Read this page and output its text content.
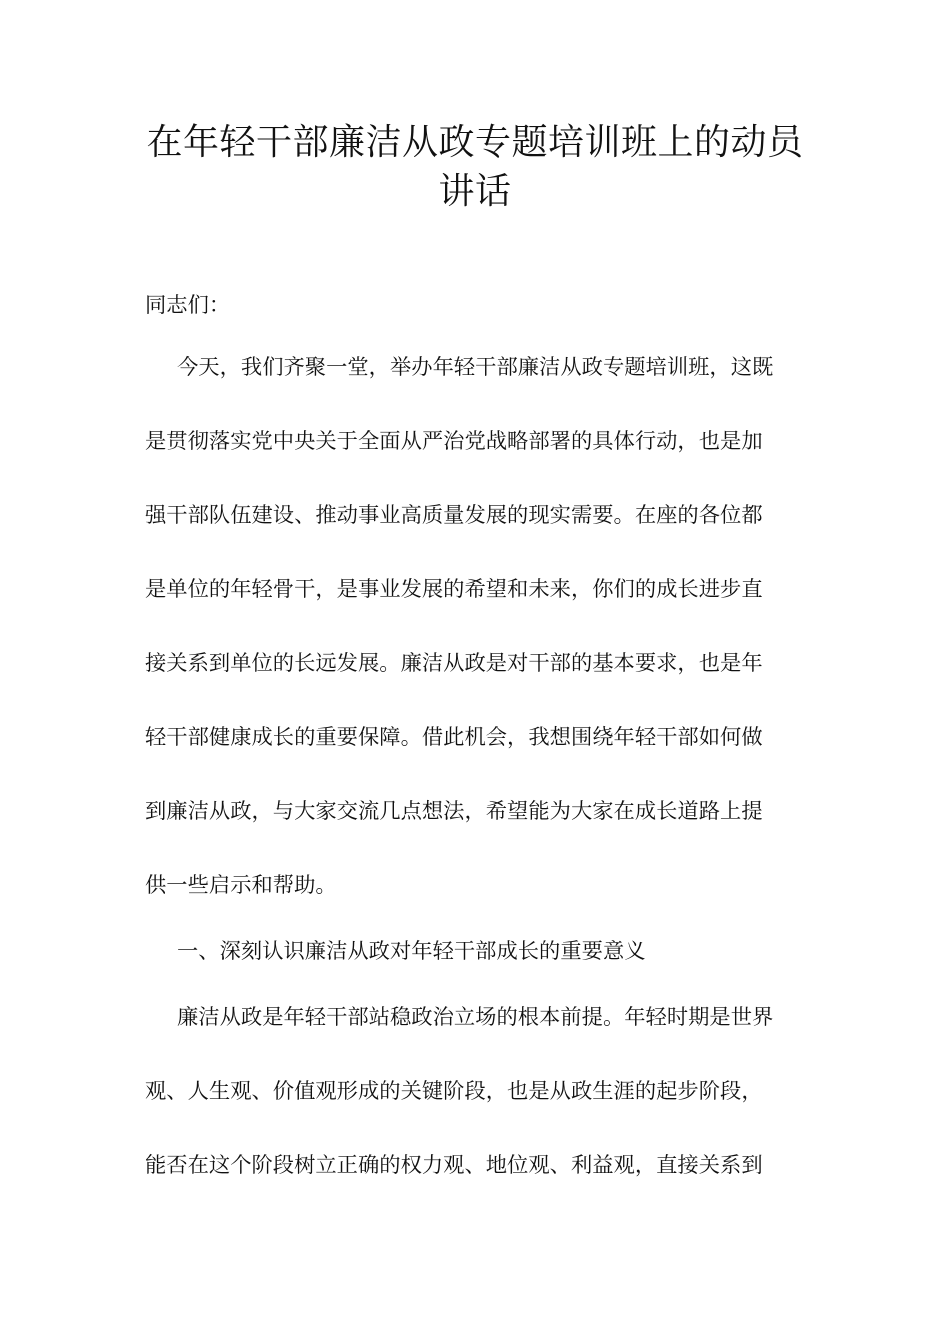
在年轻干部廉洁从政专题培训班上的动员
讲话
同志们：
今天，我们齐聚一堂，举办年轻干部廉洁从政专题培训班，这既
是贯彻落实党中央关于全面从严治党战略部署的具体行动，也是加
强干部队伍建设、推动事业高质量发展的现实需要。在座的各位都
是单位的年轻骨干，是事业发展的希望和未来，你们的成长进步直
接关系到单位的长远发展。廉洁从政是对干部的基本要求，也是年
轻干部健康成长的重要保障。借此机会，我想围绕年轻干部如何做
到廉洁从政，与大家交流几点想法，希望能为大家在成长道路上提
供一些启示和帮助。
一、深刻认识廉洁从政对年轻干部成长的重要意义
廉洁从政是年轻干部站稳政治立场的根本前提。年轻时期是世界
观、人生观、价值观形成的关键阶段，也是从政生涯的起步阶段，
能否在这个阶段树立正确的权力观、地位观、利益观，直接关系到
